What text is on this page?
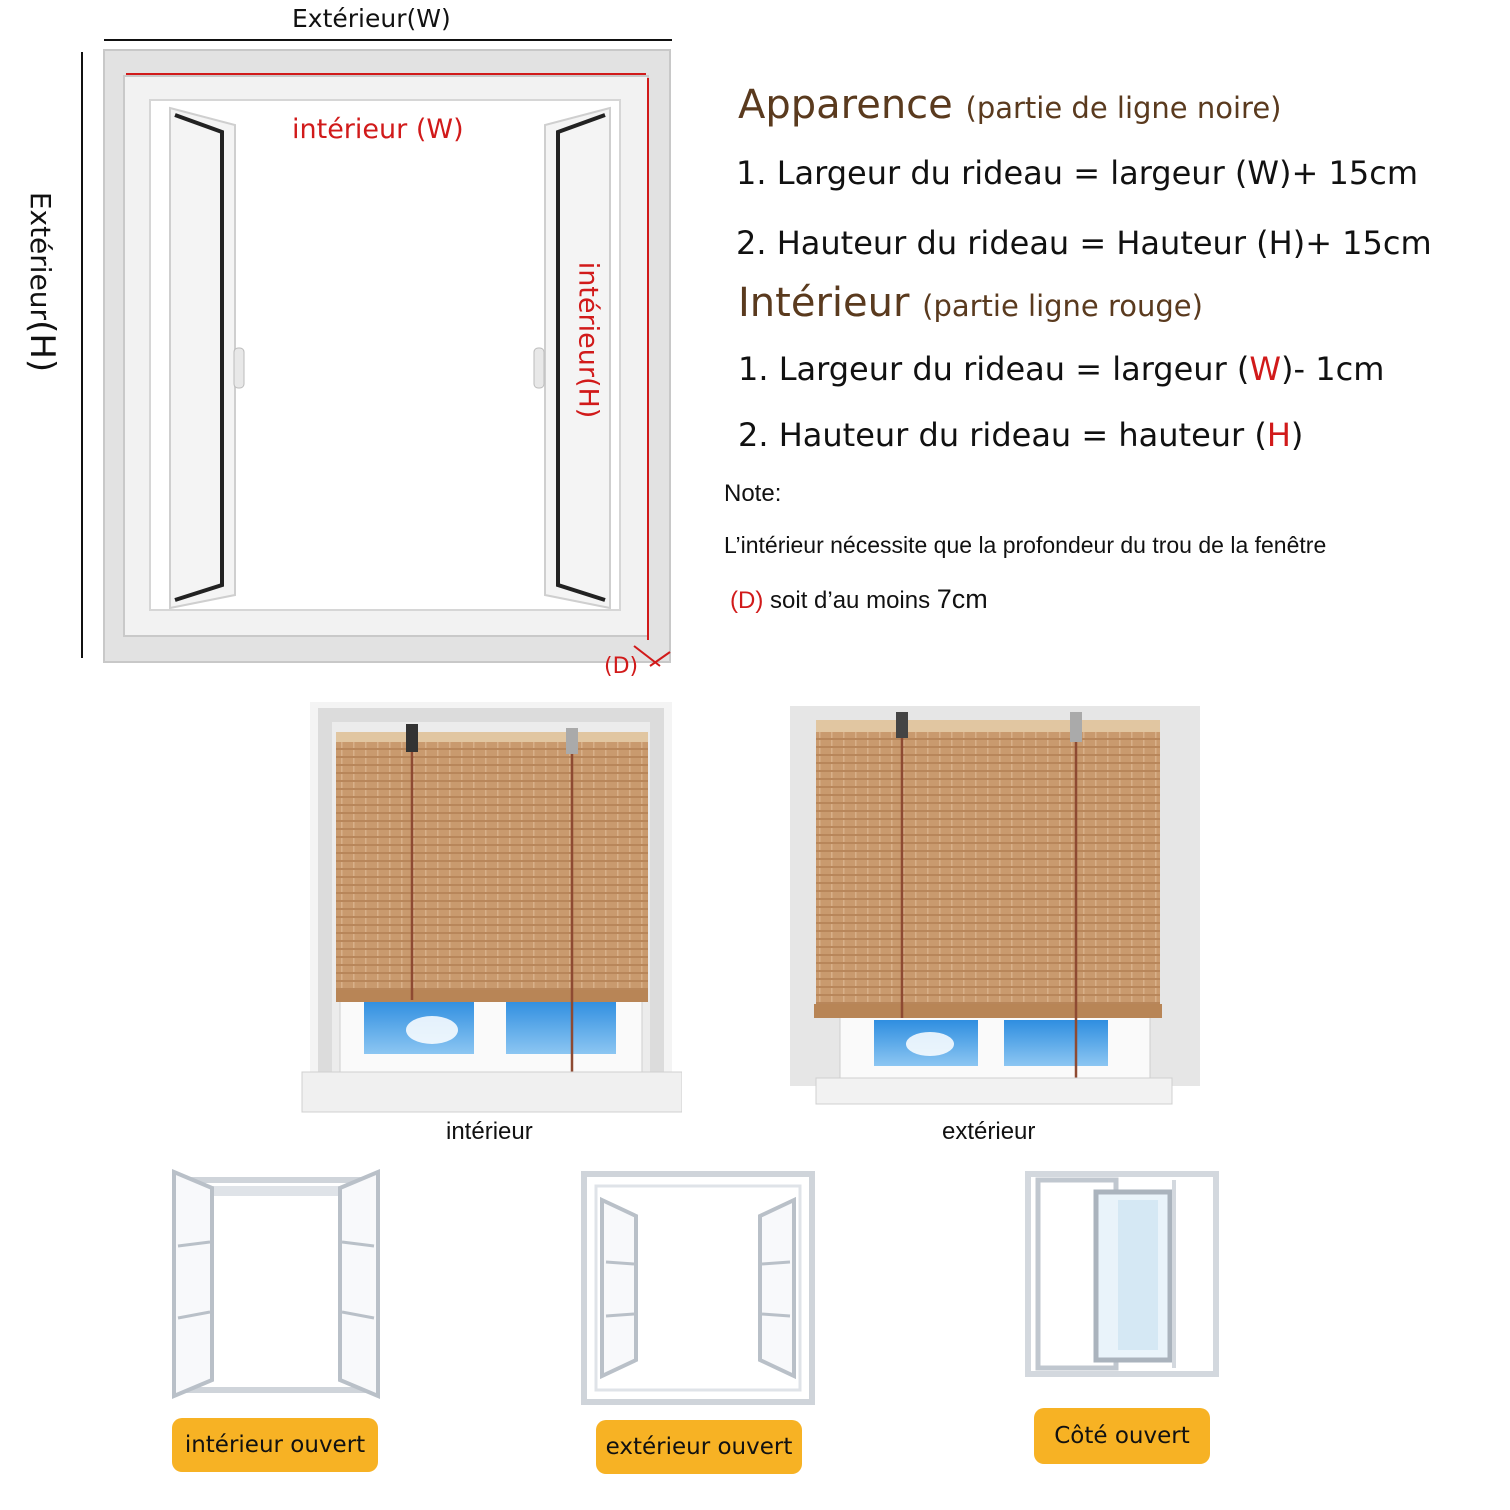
Extérieur(W)
Extérieur(H)
intérieur (W)
intérieur(H)
(D)
Apparence (partie de ligne noire)
1. Largeur du rideau = largeur (W)+ 15cm
2. Hauteur du rideau = Hauteur (H)+ 15cm
Intérieur (partie ligne rouge)
1. Largeur du rideau = largeur (W)- 1cm
2. Hauteur du rideau = hauteur (H)
Note:
L’intérieur nécessite que la profondeur du trou de la fenêtre
(D) soit d’au moins 7cm
intérieur	extérieur
intérieur ouvert	extérieur ouvert	Côté ouvert
